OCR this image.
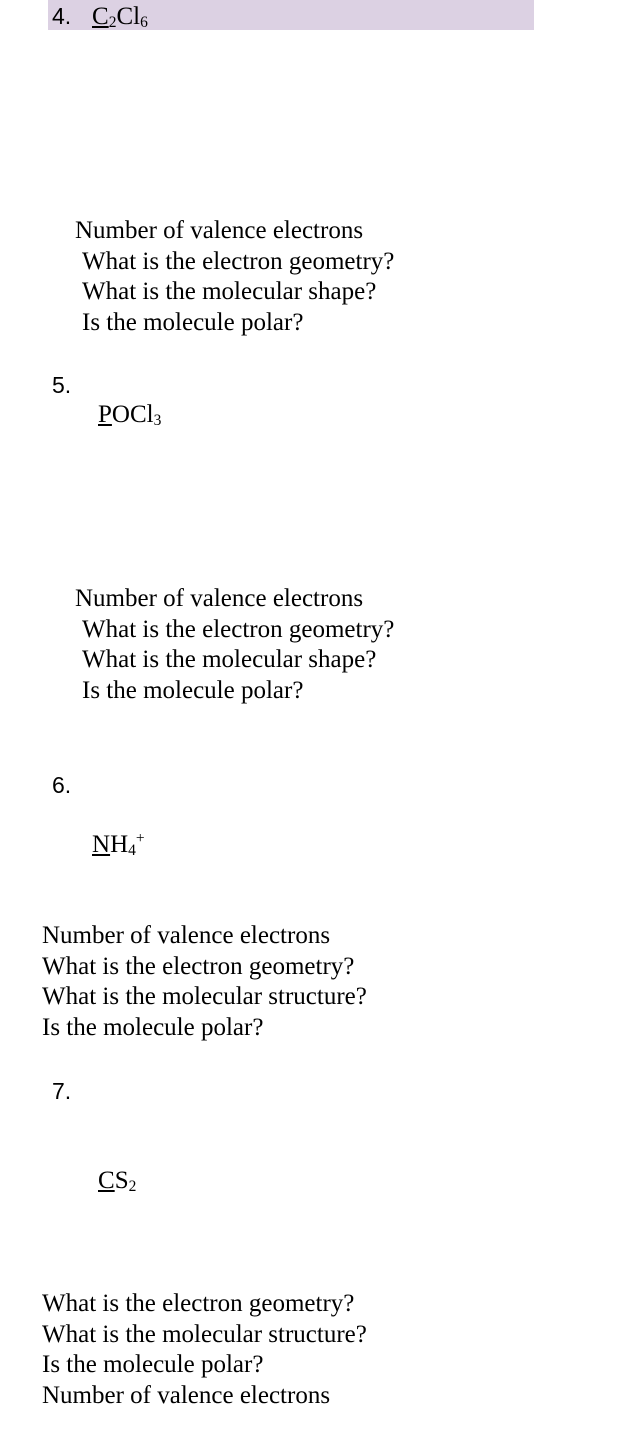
4. $C_2Cl_6$
Number of valence electrons
What is the electron geometry?
What is the molecular shape?
Is the molecule polar?
5.
POCl$_3$
Number of valence electrons
What is the electron geometry?
What is the molecular shape?
Is the molecule polar?
6.
$NH_4^+$
Number of valence electrons
What is the electron geometry?
What is the molecular structure?
Is the molecule polar?
7.
$CS_2$
What is the electron geometry?
What is the molecular structure?
Is the molecule polar?
Number of valence electrons
